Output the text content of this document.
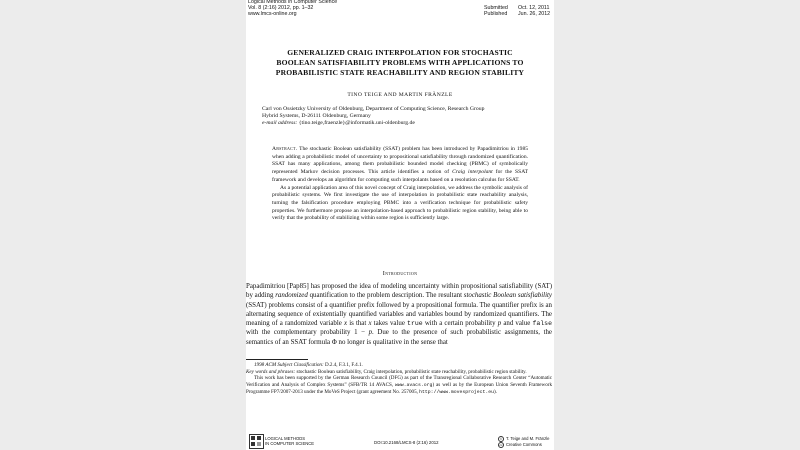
Logical Methods in Computer Science
Vol. 8 (2:16) 2012, pp. 1–32
www.lmcs-online.org
Submitted Oct. 12, 2011
Published Jun. 26, 2012
GENERALIZED CRAIG INTERPOLATION FOR STOCHASTIC
BOOLEAN SATISFIABILITY PROBLEMS WITH APPLICATIONS TO
PROBABILISTIC STATE REACHABILITY AND REGION STABILITY
TINO TEIGE AND MARTIN FRÄNZLE
Carl von Ossietzky University of Oldenburg, Department of Computing Science, Research Group
Hybrid Systems, D-26111 Oldenburg, Germany
e-mail address: {tino.teige,fraenzle}@informatik.uni-oldenburg.de

Abstract. The stochastic Boolean satisfiability (SSAT) problem has been introduced by Papadimitriou in 1985 when adding a probabilistic model of uncertainty to propositional satisfiability through randomized quantification. SSAT has many applications, among them probabilistic bounded model checking (PBMC) of symbolically represented Markov decision processes. This article identifies a notion of Craig interpolant for the SSAT framework and develops an algorithm for computing such interpolants based on a resolution calculus for SSAT.

As a potential application area of this novel concept of Craig interpolation, we address the symbolic analysis of probabilistic systems. We first investigate the use of interpolation in probabilistic state reachability analysis, turning the falsification procedure employing PBMC into a verification technique for probabilistic safety properties. We furthermore propose an interpolation-based approach to probabilistic region stability, being able to verify that the probability of stabilizing within some region is sufficiently large.

Introduction

Papadimitriou [Pap85] has proposed the idea of modeling uncertainty within propositional satisfiability (SAT) by adding randomized quantification to the problem description. The resultant stochastic Boolean satisfiability (SSAT) problems consist of a quantifier prefix followed by a propositional formula. The quantifier prefix is an alternating sequence of existentially quantified variables and variables bound by randomized quantifiers. The meaning of a randomized variable x is that x takes value true with a certain probability p and value false with the complementary probability 1 − p. Due to the presence of such probabilistic assignments, the semantics of an SSAT formula Φ no longer is qualitative in the sense that

1998 ACM Subject Classification: D.2.4, F.3.1, F.4.1.

Key words and phrases: stochastic Boolean satisfiability, Craig interpolation, probabilistic state reachability, probabilistic region stability.

This work has been supported by the German Research Council (DFG) as part of the Transregional Collaborative Research Center “Automatic Verification and Analysis of Complex Systems” (SFB/TR 14 AVACS, www.avacs.org) as well as by the European Union Seventh Framework Programme FP7/2007-2013 under the MoVeS Project (grant agreement No. 257005, http://www.movesproject.eu).

LOGICAL METHODS
IN COMPUTER SCIENCE	DOI:10.2168/LMCS-8 (2:16) 2012
© T. Teige and M. Fränzle
cc Creative Commons
